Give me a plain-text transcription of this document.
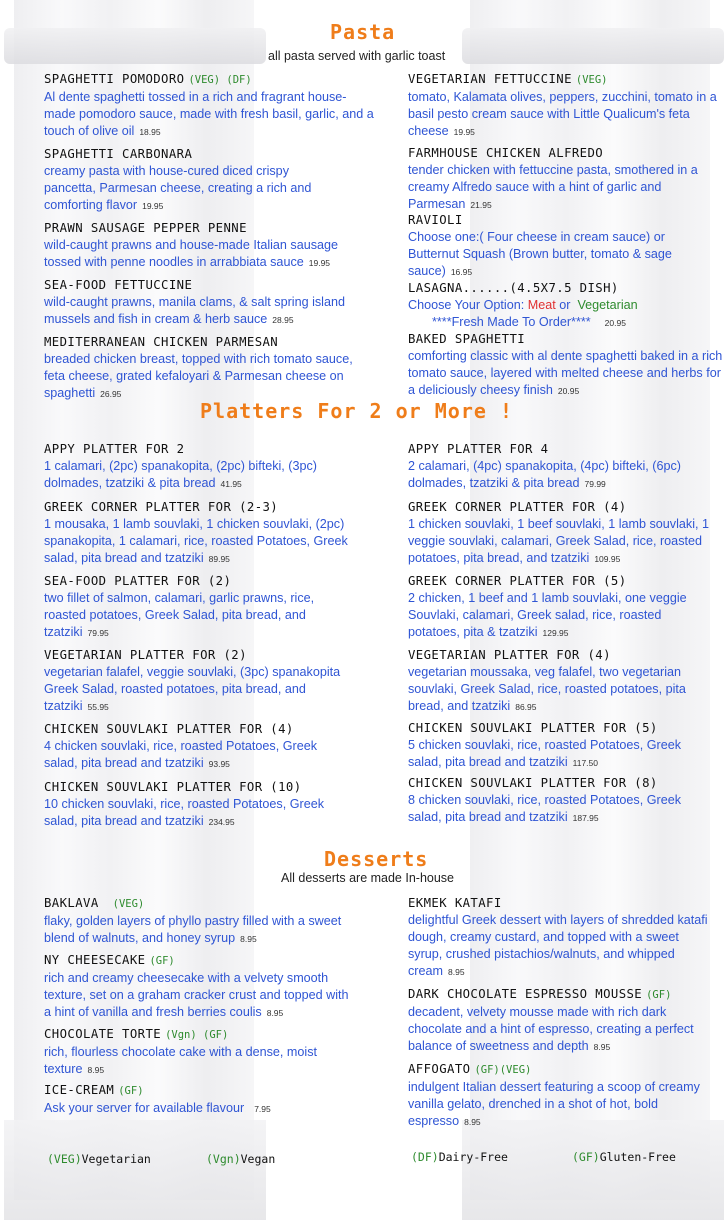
Pasta
all pasta served with garlic toast
SPAGHETTI POMODORO (VEG) (DF)
Al dente spaghetti tossed in a rich and fragrant house-made pomodoro sauce, made with fresh basil, garlic, and a touch of olive oil 18.95
SPAGHETTI CARBONARA
creamy pasta with house-cured diced crispy pancetta, Parmesan cheese, creating a rich and comforting flavor 19.95
PRAWN SAUSAGE PEPPER PENNE
wild-caught prawns and house-made Italian sausage tossed with penne noodles in arrabbiata sauce 19.95
SEA-FOOD FETTUCCINE
wild-caught prawns, manila clams, & salt spring island mussels and fish in cream & herb sauce 28.95
MEDITERRANEAN CHICKEN PARMESAN
breaded chicken breast, topped with rich tomato sauce, feta cheese, grated kefaloyari & Parmesan cheese on spaghetti 26.95
VEGETARIAN FETTUCCINE (VEG)
tomato, Kalamata olives, peppers, zucchini, tomato in a basil pesto cream sauce with Little Qualicum's feta cheese 19.95
FARMHOUSE CHICKEN ALFREDO
tender chicken with fettuccine pasta, smothered in a creamy Alfredo sauce with a hint of garlic and Parmesan 21.95
RAVIOLI
Choose one:( Four cheese in cream sauce) or Butternut Squash (Brown butter, tomato & sage sauce) 16.95
LASAGNA......(4.5X7.5 DISH)
Choose Your Option: Meat or Vegetarian
****Fresh Made To Order**** 20.95
BAKED SPAGHETTI
comforting classic with al dente spaghetti baked in a rich tomato sauce, layered with melted cheese and herbs for a deliciously cheesy finish 20.95
Platters For 2 or More !
APPY PLATTER FOR 2
1 calamari, (2pc) spanakopita, (2pc) bifteki, (3pc) dolmades, tzatziki & pita bread 41.95
GREEK CORNER PLATTER FOR (2-3)
1 mousaka, 1 lamb souvlaki, 1 chicken souvlaki, (2pc) spanakopita, 1 calamari, rice, roasted Potatoes, Greek salad, pita bread and tzatziki 89.95
SEA-FOOD PLATTER FOR (2)
two fillet of salmon, calamari, garlic prawns, rice, roasted potatoes, Greek Salad, pita bread, and tzatziki 79.95
VEGETARIAN PLATTER FOR (2)
vegetarian falafel, veggie souvlaki, (3pc) spanakopita Greek Salad, roasted potatoes, pita bread, and tzatziki 55.95
CHICKEN SOUVLAKI PLATTER FOR (4)
4 chicken souvlaki, rice, roasted Potatoes, Greek salad, pita bread and tzatziki 93.95
CHICKEN SOUVLAKI PLATTER FOR (10)
10 chicken souvlaki, rice, roasted Potatoes, Greek salad, pita bread and tzatziki 234.95
APPY PLATTER FOR 4
2 calamari, (4pc) spanakopita, (4pc) bifteki, (6pc) dolmades, tzatziki & pita bread 79.99
GREEK CORNER PLATTER FOR (4)
1 chicken souvlaki, 1 beef souvlaki, 1 lamb souvlaki, 1 veggie souvlaki, calamari, Greek Salad, rice, roasted potatoes, pita bread, and tzatziki 109.95
GREEK CORNER PLATTER FOR (5)
2 chicken, 1 beef and 1 lamb souvlaki, one veggie Souvlaki, calamari, Greek salad, rice, roasted potatoes, pita & tzatziki 129.95
VEGETARIAN PLATTER FOR (4)
vegetarian moussaka, veg falafel, two vegetarian souvlaki, Greek Salad, rice, roasted potatoes, pita bread, and tzatziki 86.95
CHICKEN SOUVLAKI PLATTER FOR (5)
5 chicken souvlaki, rice, roasted Potatoes, Greek salad, pita bread and tzatziki 117.50
CHICKEN SOUVLAKI PLATTER FOR (8)
8 chicken souvlaki, rice, roasted Potatoes, Greek salad, pita bread and tzatziki 187.95
Desserts
All desserts are made In-house
BAKLAVA (VEG)
flaky, golden layers of phyllo pastry filled with a sweet blend of walnuts, and honey syrup 8.95
NY CHEESECAKE (GF)
rich and creamy cheesecake with a velvety smooth texture, set on a graham cracker crust and topped with a hint of vanilla and fresh berries coulis 8.95
CHOCOLATE TORTE (Vgn) (GF)
rich, flourless chocolate cake with a dense, moist texture 8.95
ICE-CREAM (GF)
Ask your server for available flavour 7.95
EKMEK KATAFI
delightful Greek dessert with layers of shredded katafi dough, creamy custard, and topped with a sweet syrup, crushed pistachios/walnuts, and whipped cream 8.95
DARK CHOCOLATE ESPRESSO MOUSSE (GF)
decadent, velvety mousse made with rich dark chocolate and a hint of espresso, creating a perfect balance of sweetness and depth 8.95
AFFOGATO (GF)(VEG)
indulgent Italian dessert featuring a scoop of creamy vanilla gelato, drenched in a shot of hot, bold espresso 8.95
(VEG)Vegetarian	(Vgn)Vegan	(DF)Dairy-Free	(GF)Gluten-Free
